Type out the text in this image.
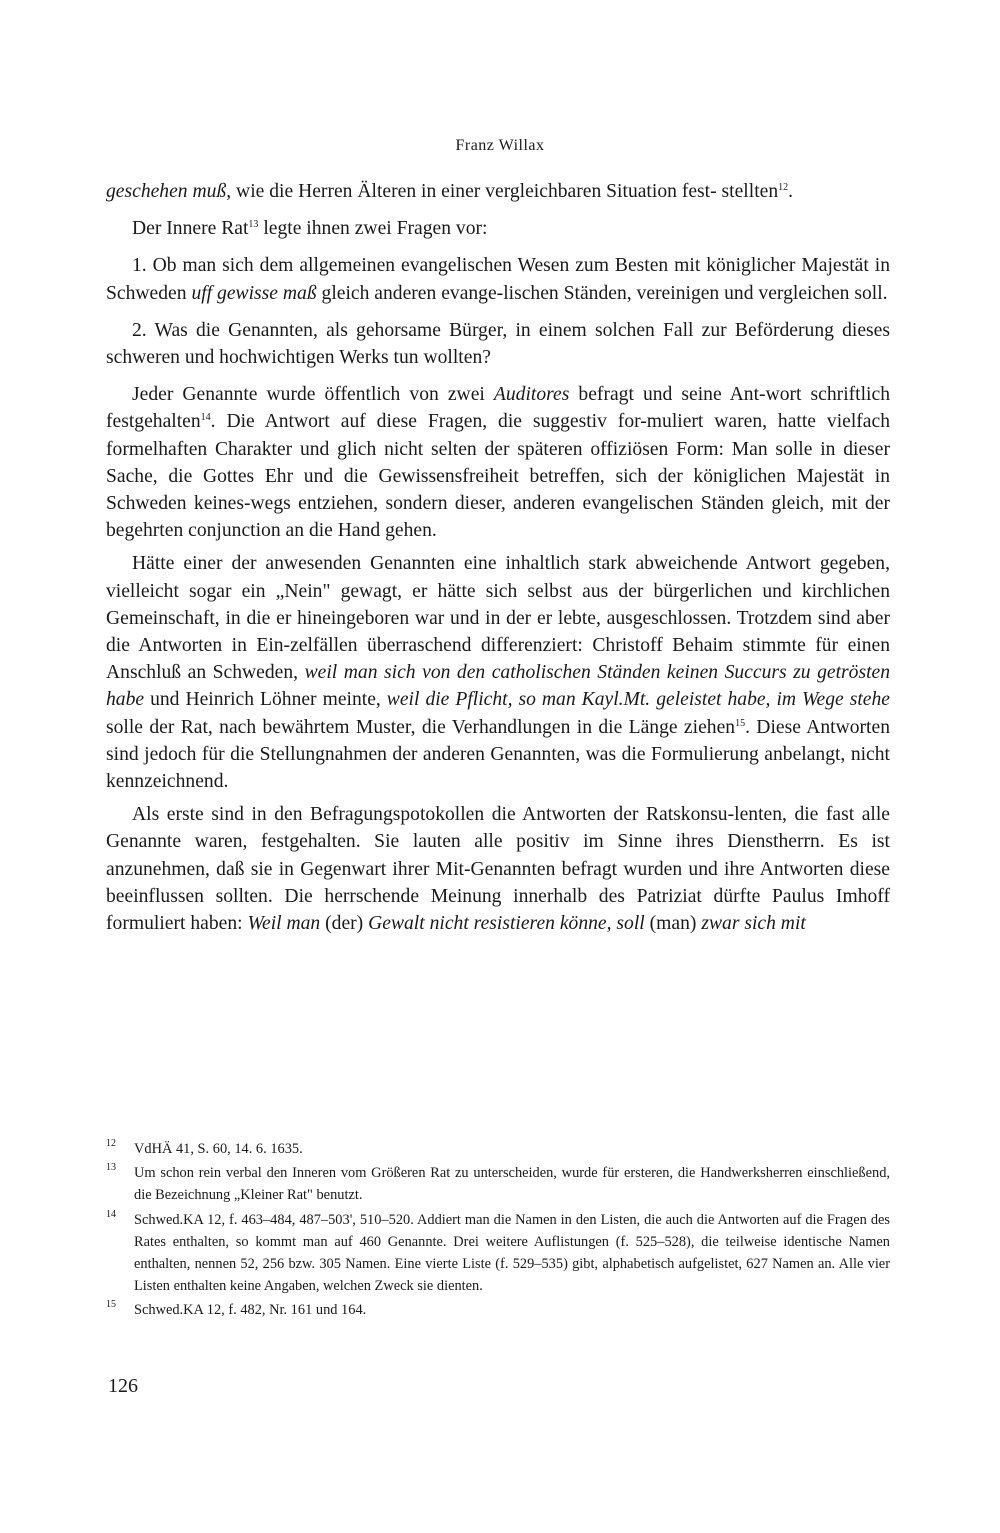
Franz Willax

geschehen muß, wie die Herren Älteren in einer vergleichbaren Situation fest- stellten$^{12}$.

Der Innere Rat$^{13}$ legte ihnen zwei Fragen vor:

1. Ob man sich dem allgemeinen evangelischen Wesen zum Besten mit königlicher Majestät in Schweden uff gewisse maß gleich anderen evange-lischen Ständen, vereinigen und vergleichen soll.

2. Was die Genannten, als gehorsame Bürger, in einem solchen Fall zur Beförderung dieses schweren und hochwichtigen Werks tun wollten?

Jeder Genannte wurde öffentlich von zwei Auditores befragt und seine Ant-wort schriftlich festgehalten$^{14}$. Die Antwort auf diese Fragen, die suggestiv for-muliert waren, hatte vielfach formelhaften Charakter und glich nicht selten der späteren offiziösen Form: Man solle in dieser Sache, die Gottes Ehr und die Gewissensfreiheit betreffen, sich der königlichen Majestät in Schweden keines-wegs entziehen, sondern dieser, anderen evangelischen Ständen gleich, mit der begehrten conjunction an die Hand gehen.

Hätte einer der anwesenden Genannten eine inhaltlich stark abweichende Antwort gegeben, vielleicht sogar ein „Nein" gewagt, er hätte sich selbst aus der bürgerlichen und kirchlichen Gemeinschaft, in die er hineingeboren war und in der er lebte, ausgeschlossen. Trotzdem sind aber die Antworten in Ein-zelfällen überraschend differenziert: Christoff Behaim stimmte für einen Anschluß an Schweden, weil man sich von den catholischen Ständen keinen Succurs zu getrösten habe und Heinrich Löhner meinte, weil die Pflicht, so man Kayl.Mt. geleistet habe, im Wege stehe solle der Rat, nach bewährtem Muster, die Verhandlungen in die Länge ziehen$^{15}$. Diese Antworten sind jedoch für die Stellungnahmen der anderen Genannten, was die Formulierung anbelangt, nicht kennzeichnend.

Als erste sind in den Befragungspotokollen die Antworten der Ratskonsu-lenten, die fast alle Genannte waren, festgehalten. Sie lauten alle positiv im Sinne ihres Dienstherrn. Es ist anzunehmen, daß sie in Gegenwart ihrer Mit-Genannten befragt wurden und ihre Antworten diese beeinflussen sollten. Die herrschende Meinung innerhalb des Patriziat dürfte Paulus Imhoff formuliert haben: Weil man (der) Gewalt nicht resistieren könne, soll (man) zwar sich mit

12 VdHÄ 41, S. 60, 14. 6. 1635.
13 Um schon rein verbal den Inneren vom Größeren Rat zu unterscheiden, wurde für ersteren, die Handwerksherren einschließend, die Bezeichnung „Kleiner Rat" benutzt.
14 Schwed.KA 12, f. 463–484, 487–503', 510–520. Addiert man die Namen in den Listen, die auch die Antworten auf die Fragen des Rates enthalten, so kommt man auf 460 Genannte. Drei weitere Auflistungen (f. 525–528), die teilweise identische Namen enthalten, nennen 52, 256 bzw. 305 Namen. Eine vierte Liste (f. 529–535) gibt, alphabetisch aufgelistet, 627 Namen an. Alle vier Listen enthalten keine Angaben, welchen Zweck sie dienten.
15 Schwed.KA 12, f. 482, Nr. 161 und 164.
126
